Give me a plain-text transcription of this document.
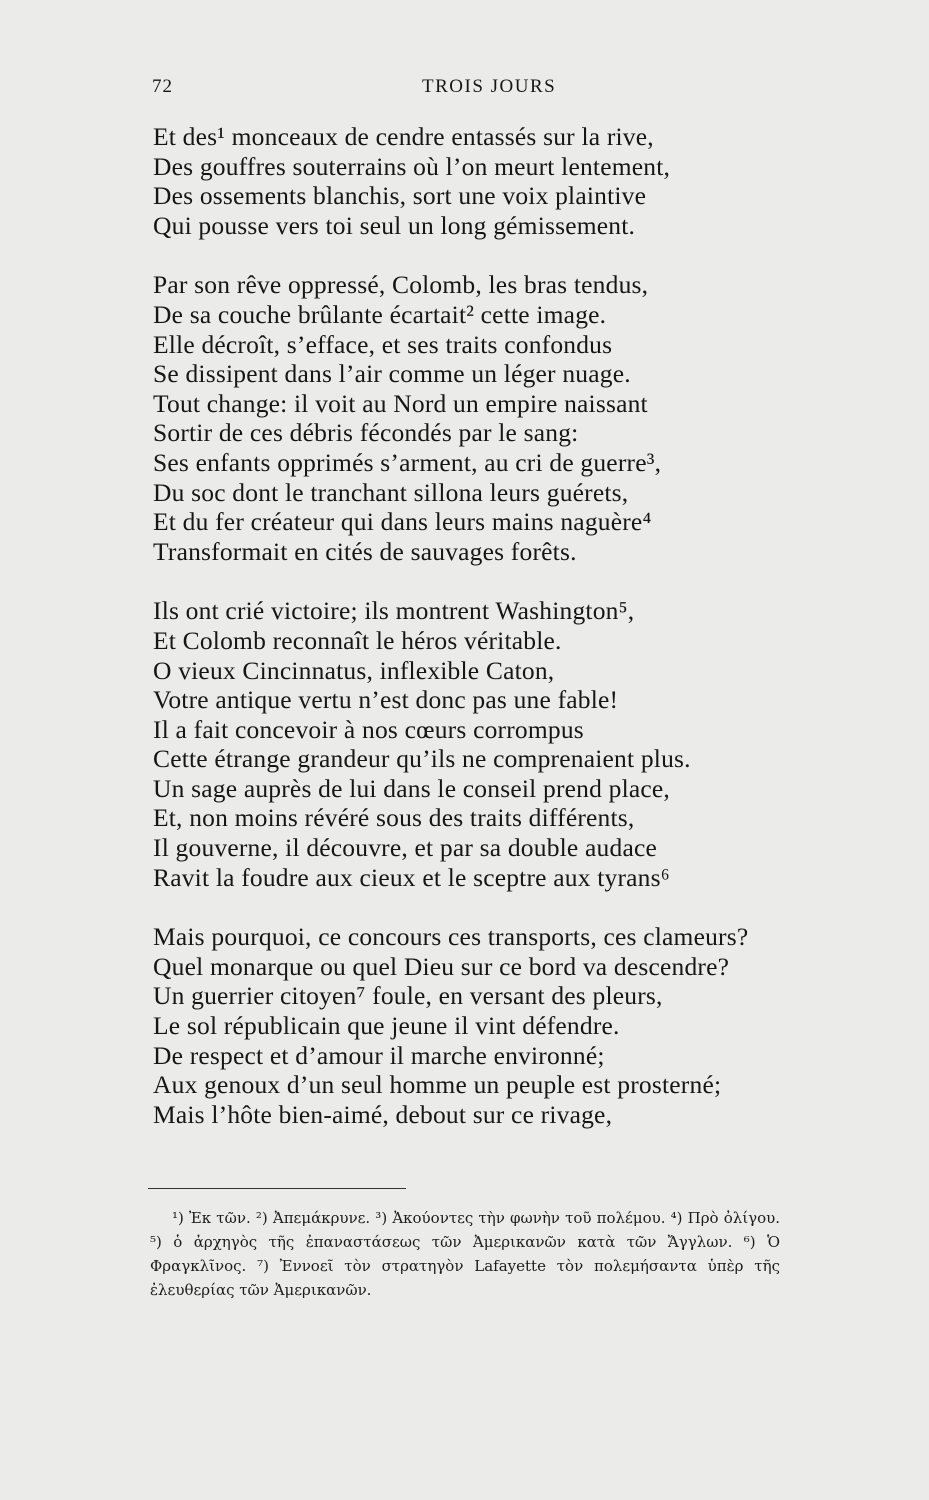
72	TROIS JOURS
Et des¹ monceaux de cendre entassés sur la rive,
Des gouffres souterrains où l’on meurt lentement,
Des ossements blanchis, sort une voix plaintive
Qui pousse vers toi seul un long gémissement.
Par son rêve oppressé, Colomb, les bras tendus,
De sa couche brûlante écartait² cette image.
Elle décroît, s’efface, et ses traits confondus
Se dissipent dans l’air comme un léger nuage.
Tout change: il voit au Nord un empire naissant
Sortir de ces débris fécondés par le sang:
Ses enfants opprimés s’arment, au cri de guerre³,
Du soc dont le tranchant sillona leurs guérets,
Et du fer créateur qui dans leurs mains naguère⁴
Transformait en cités de sauvages forêts.
Ils ont crié victoire; ils montrent Washington⁵,
Et Colomb reconnaît le héros véritable.
O vieux Cincinnatus, inflexible Caton,
Votre antique vertu n’est donc pas une fable!
Il a fait concevoir à nos cœurs corrompus
Cette étrange grandeur qu’ils ne comprenaient plus.
Un sage auprès de lui dans le conseil prend place,
Et, non moins révéré sous des traits différents,
Il gouverne, il découvre, et par sa double audace
Ravit la foudre aux cieux et le sceptre aux tyrans⁶
Mais pourquoi, ce concours ces transports, ces clameurs?
Quel monarque ou quel Dieu sur ce bord va descendre?
Un guerrier citoyen⁷ foule, en versant des pleurs,
Le sol républicain que jeune il vint défendre.
De respect et d’amour il marche environné;
Aux genoux d’un seul homme un peuple est prosterné;
Mais l’hôte bien-aimé, debout sur ce rivage,

¹) Ἐκ τῶν. ²) Ἀπεμάκρυνε. ³) Ἀκούοντες τὴν φωνὴν τοῦ πολέμου. ⁴) Πρὸ ὀλίγου. ⁵) ὁ ἀρχηγὸς τῆς ἐπαναστάσεως τῶν Ἀμερικανῶν κατὰ τῶν Ἄγγλων. ⁶) Ὁ Φραγκλῖνος. ⁷) Ἐννοεῖ τὸν στρατηγὸν Lafayette τὸν πολεμήσαντα ὑπὲρ τῆς ἐλευθερίας τῶν Ἀμερικανῶν.
